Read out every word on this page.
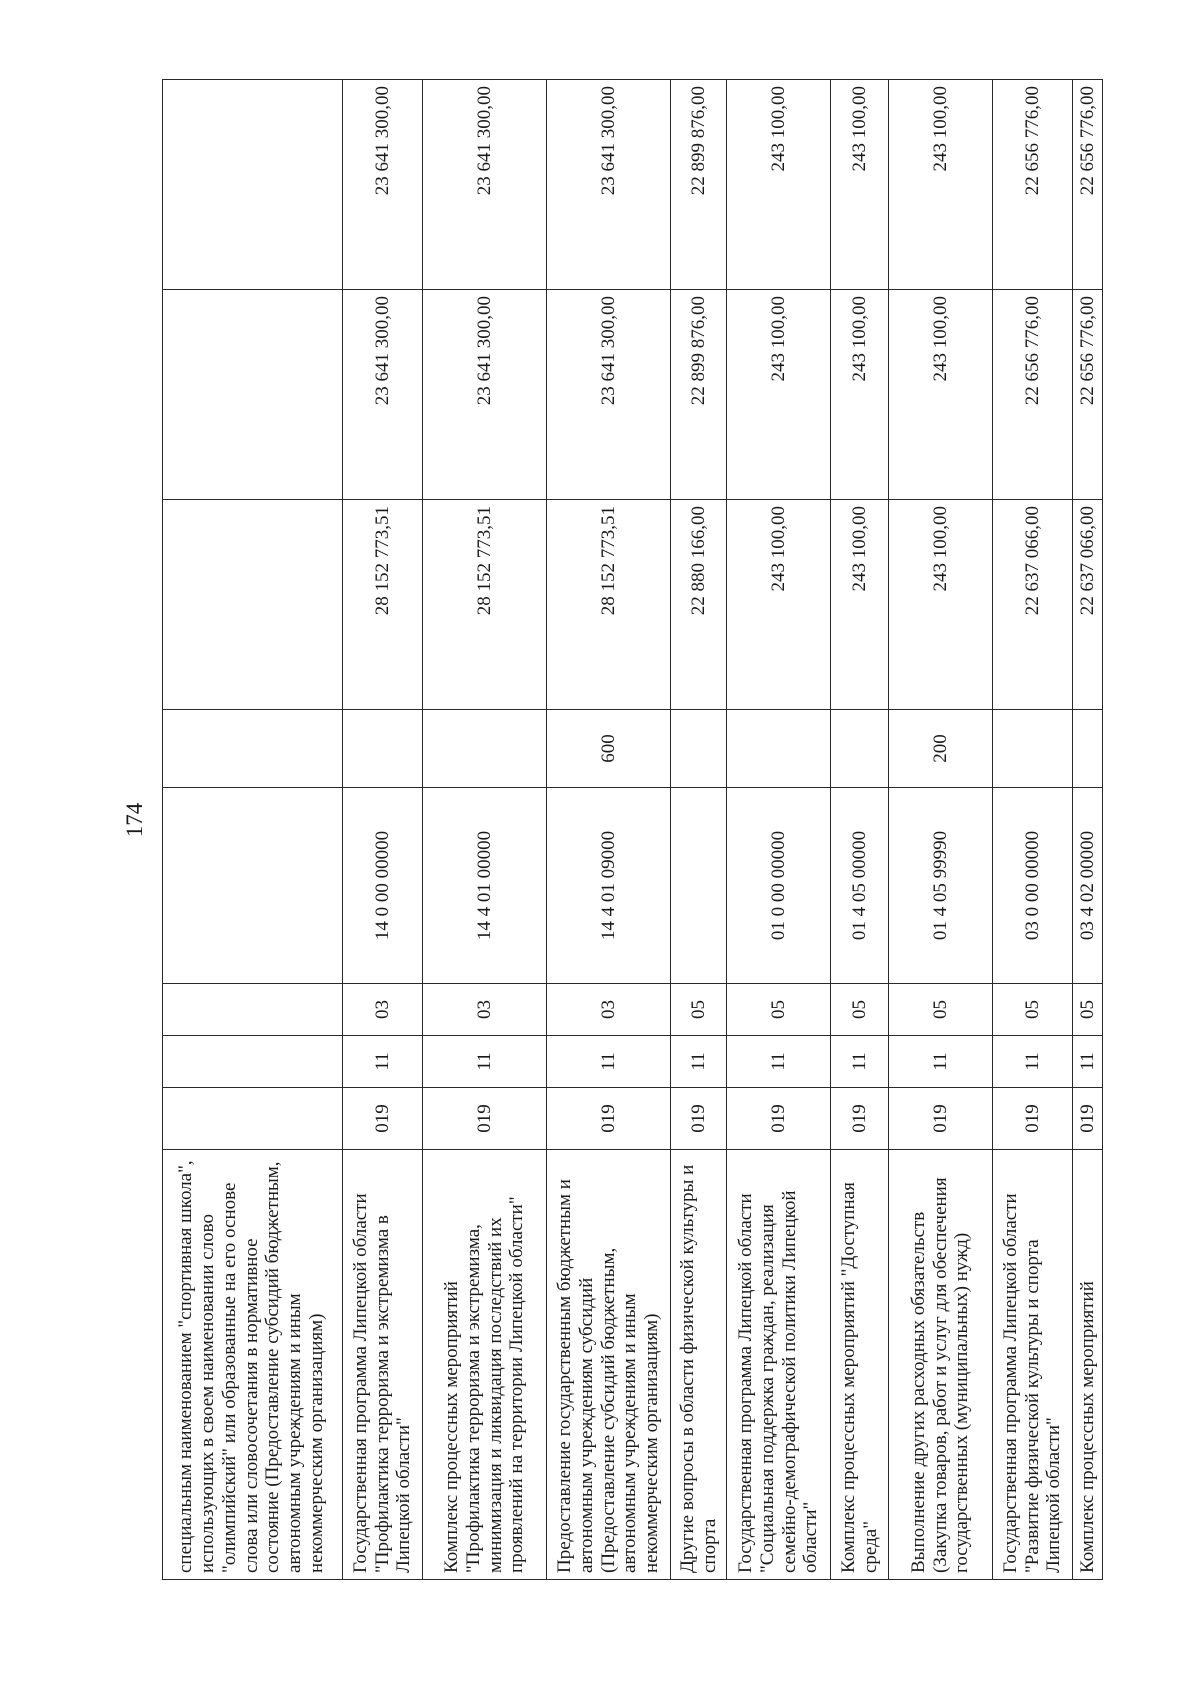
174
специальным наименованием "спортивная школа", использующих в своем наименовании слово "олимпийский" или образованные на его основе слова или словосочетания в нормативное состояние (Предоставление субсидий бюджетным, автономным учреждениям и иным некоммерческим организациям)								
Государственная программа Липецкой области "Профилактика терроризма и экстремизма в Липецкой области"	019	11	03	14 0 00 00000		28 152 773,51	23 641 300,00	23 641 300,00
Комплекс процессных мероприятий "Профилактика терроризма и экстремизма, минимизация и ликвидация последствий их проявлений на территории Липецкой области"	019	11	03	14 4 01 00000		28 152 773,51	23 641 300,00	23 641 300,00
Предоставление государственным бюджетным и автономным учреждениям субсидий (Предоставление субсидий бюджетным, автономным учреждениям и иным некоммерческим организациям)	019	11	03	14 4 01 09000	600	28 152 773,51	23 641 300,00	23 641 300,00
Другие вопросы в области физической культуры и спорта	019	11	05			22 880 166,00	22 899 876,00	22 899 876,00
Государственная программа Липецкой области "Социальная поддержка граждан, реализация семейно-демографической политики Липецкой области"	019	11	05	01 0 00 00000		243 100,00	243 100,00	243 100,00
Комплекс процессных мероприятий "Доступная среда"	019	11	05	01 4 05 00000		243 100,00	243 100,00	243 100,00
Выполнение других расходных обязательств (Закупка товаров, работ и услуг для обеспечения государственных (муниципальных) нужд)	019	11	05	01 4 05 99990	200	243 100,00	243 100,00	243 100,00
Государственная программа Липецкой области "Развитие физической культуры и спорта Липецкой области"	019	11	05	03 0 00 00000		22 637 066,00	22 656 776,00	22 656 776,00
Комплекс процессных мероприятий	019	11	05	03 4 02 00000		22 637 066,00	22 656 776,00	22 656 776,00
